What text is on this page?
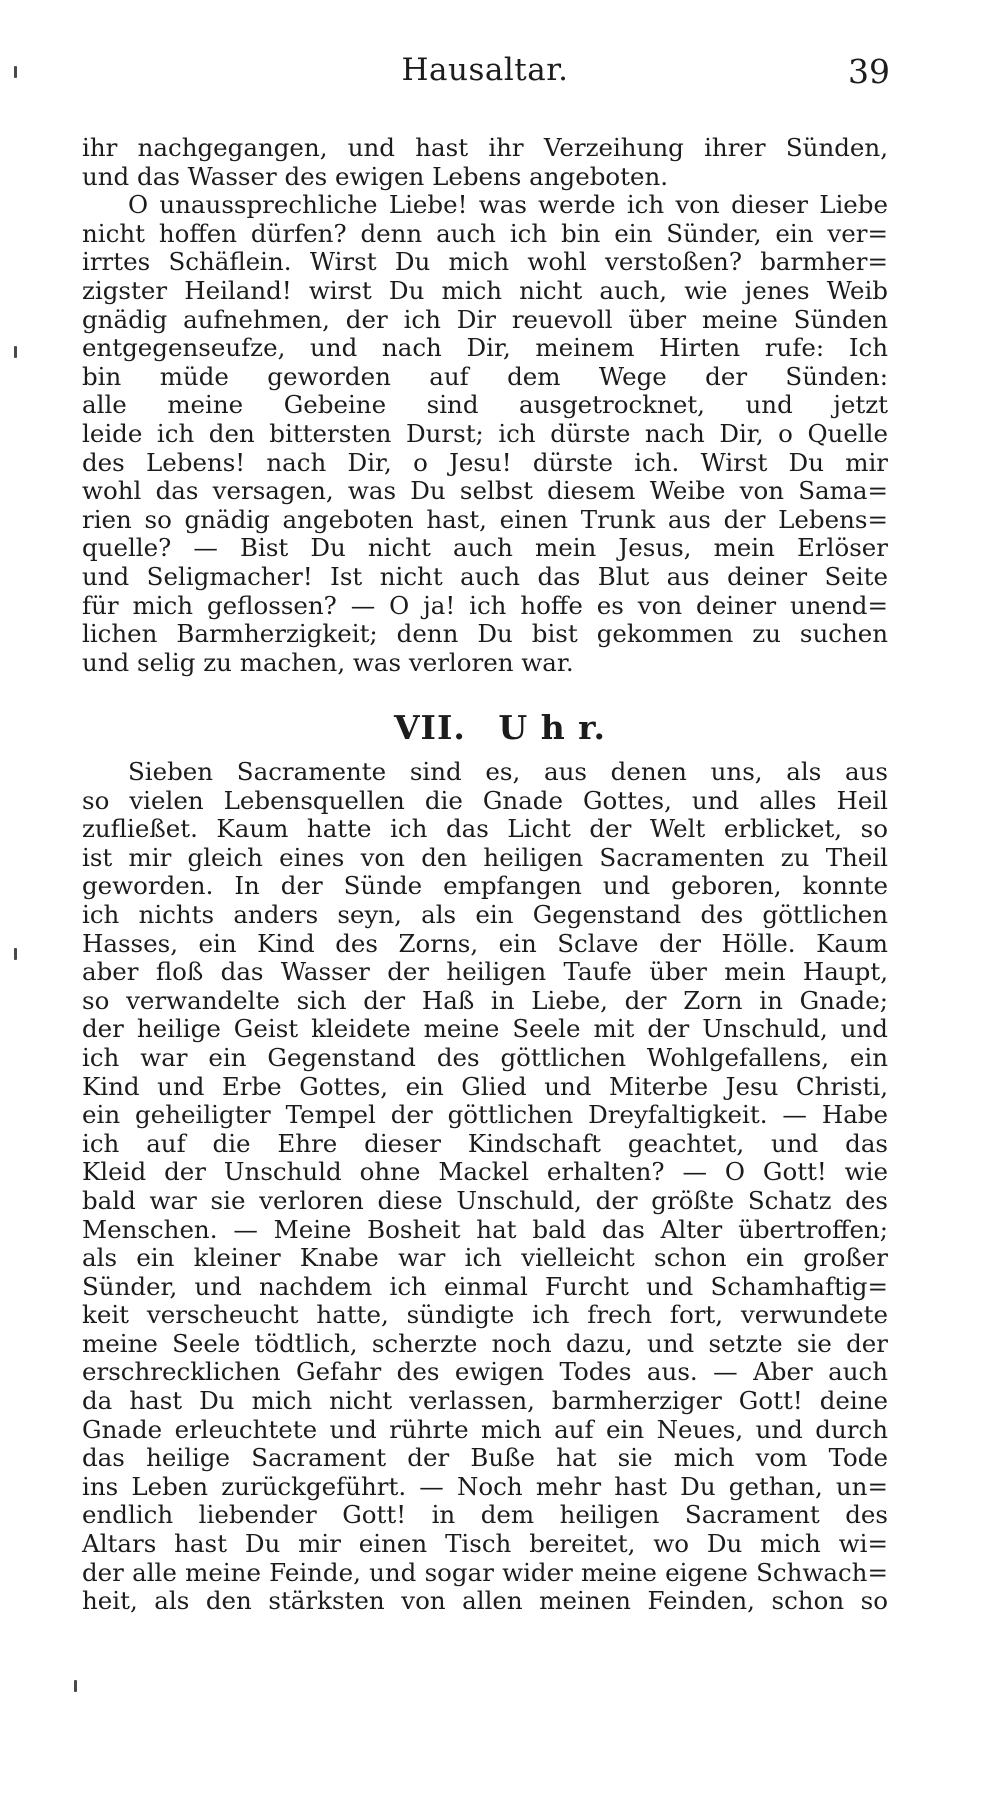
Hausaltar.	39
ihr nachgegangen, und hast ihr Verzeihung ihrer Sünden,
und das Wasser des ewigen Lebens angeboten.
O unaussprechliche Liebe! was werde ich von dieser Liebe
nicht hoffen dürfen? denn auch ich bin ein Sünder, ein ver=
irrtes Schäflein. Wirst Du mich wohl verstoßen? barmher=
zigster Heiland! wirst Du mich nicht auch, wie jenes Weib
gnädig aufnehmen, der ich Dir reuevoll über meine Sünden
entgegenseufze, und nach Dir, meinem Hirten rufe: Ich
bin müde geworden auf dem Wege der Sünden:
alle meine Gebeine sind ausgetrocknet, und jetzt
leide ich den bittersten Durst; ich dürste nach Dir, o Quelle
des Lebens! nach Dir, o Jesu! dürste ich. Wirst Du mir
wohl das versagen, was Du selbst diesem Weibe von Sama=
rien so gnädig angeboten hast, einen Trunk aus der Lebens=
quelle? — Bist Du nicht auch mein Jesus, mein Erlöser
und Seligmacher! Ist nicht auch das Blut aus deiner Seite
für mich geflossen? — O ja! ich hoffe es von deiner unend=
lichen Barmherzigkeit; denn Du bist gekommen zu suchen
und selig zu machen, was verloren war.
VII. U h r.
Sieben Sacramente sind es, aus denen uns, als aus
so vielen Lebensquellen die Gnade Gottes, und alles Heil
zufließet. Kaum hatte ich das Licht der Welt erblicket, so
ist mir gleich eines von den heiligen Sacramenten zu Theil
geworden. In der Sünde empfangen und geboren, konnte
ich nichts anders seyn, als ein Gegenstand des göttlichen
Hasses, ein Kind des Zorns, ein Sclave der Hölle. Kaum
aber floß das Wasser der heiligen Taufe über mein Haupt,
so verwandelte sich der Haß in Liebe, der Zorn in Gnade;
der heilige Geist kleidete meine Seele mit der Unschuld, und
ich war ein Gegenstand des göttlichen Wohlgefallens, ein
Kind und Erbe Gottes, ein Glied und Miterbe Jesu Christi,
ein geheiligter Tempel der göttlichen Dreyfaltigkeit. — Habe
ich auf die Ehre dieser Kindschaft geachtet, und das
Kleid der Unschuld ohne Mackel erhalten? — O Gott! wie
bald war sie verloren diese Unschuld, der größte Schatz des
Menschen. — Meine Bosheit hat bald das Alter übertroffen;
als ein kleiner Knabe war ich vielleicht schon ein großer
Sünder, und nachdem ich einmal Furcht und Schamhaftig=
keit verscheucht hatte, sündigte ich frech fort, verwundete
meine Seele tödtlich, scherzte noch dazu, und setzte sie der
erschrecklichen Gefahr des ewigen Todes aus. — Aber auch
da hast Du mich nicht verlassen, barmherziger Gott! deine
Gnade erleuchtete und rührte mich auf ein Neues, und durch
das heilige Sacrament der Buße hat sie mich vom Tode
ins Leben zurückgeführt. — Noch mehr hast Du gethan, un=
endlich liebender Gott! in dem heiligen Sacrament des
Altars hast Du mir einen Tisch bereitet, wo Du mich wi=
der alle meine Feinde, und sogar wider meine eigene Schwach=
heit, als den stärksten von allen meinen Feinden, schon so
